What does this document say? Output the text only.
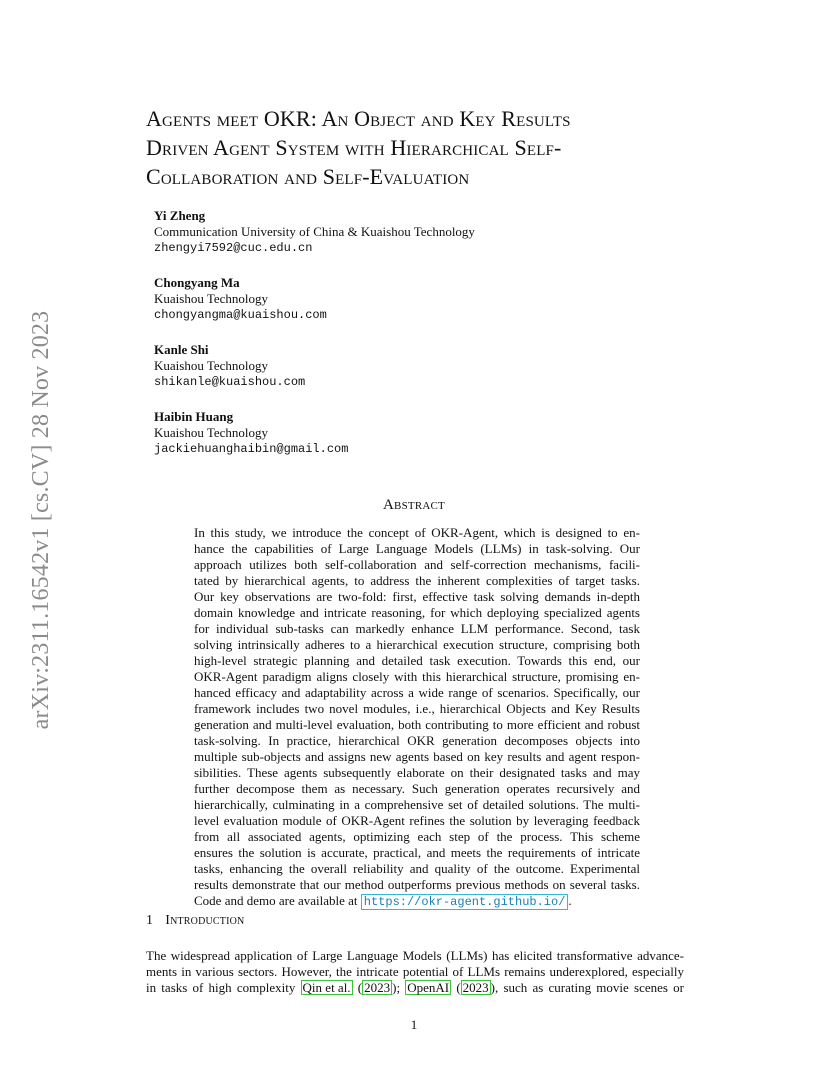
arXiv:2311.16542v1 [cs.CV] 28 Nov 2023
Agents meet OKR: An Object and Key Results
Driven Agent System with Hierarchical Self-
Collaboration and Self-Evaluation
Yi Zheng
Communication University of China & Kuaishou Technology
zhengyi7592@cuc.edu.cn
Chongyang Ma
Kuaishou Technology
chongyangma@kuaishou.com
Kanle Shi
Kuaishou Technology
shikanle@kuaishou.com
Haibin Huang
Kuaishou Technology
jackiehuanghaibin@gmail.com
Abstract
In this study, we introduce the concept of OKR-Agent, which is designed to en-
hance the capabilities of Large Language Models (LLMs) in task-solving. Our
approach utilizes both self-collaboration and self-correction mechanisms, facili-
tated by hierarchical agents, to address the inherent complexities of target tasks.
Our key observations are two-fold: first, effective task solving demands in-depth
domain knowledge and intricate reasoning, for which deploying specialized agents
for individual sub-tasks can markedly enhance LLM performance. Second, task
solving intrinsically adheres to a hierarchical execution structure, comprising both
high-level strategic planning and detailed task execution. Towards this end, our
OKR-Agent paradigm aligns closely with this hierarchical structure, promising en-
hanced efficacy and adaptability across a wide range of scenarios. Specifically, our
framework includes two novel modules, i.e., hierarchical Objects and Key Results
generation and multi-level evaluation, both contributing to more efficient and robust
task-solving. In practice, hierarchical OKR generation decomposes objects into
multiple sub-objects and assigns new agents based on key results and agent respon-
sibilities. These agents subsequently elaborate on their designated tasks and may
further decompose them as necessary. Such generation operates recursively and
hierarchically, culminating in a comprehensive set of detailed solutions. The multi-
level evaluation module of OKR-Agent refines the solution by leveraging feedback
from all associated agents, optimizing each step of the process. This scheme
ensures the solution is accurate, practical, and meets the requirements of intricate
tasks, enhancing the overall reliability and quality of the outcome. Experimental
results demonstrate that our method outperforms previous methods on several tasks.
Code and demo are available at https://okr-agent.github.io/ .
1 Introduction
The widespread application of Large Language Models (LLMs) has elicited transformative advance-
ments in various sectors. However, the intricate potential of LLMs remains underexplored, especially
in tasks of high complexity Qin et al. ( 2023 ); OpenAI ( 2023 ), such as curating movie scenes or
1
